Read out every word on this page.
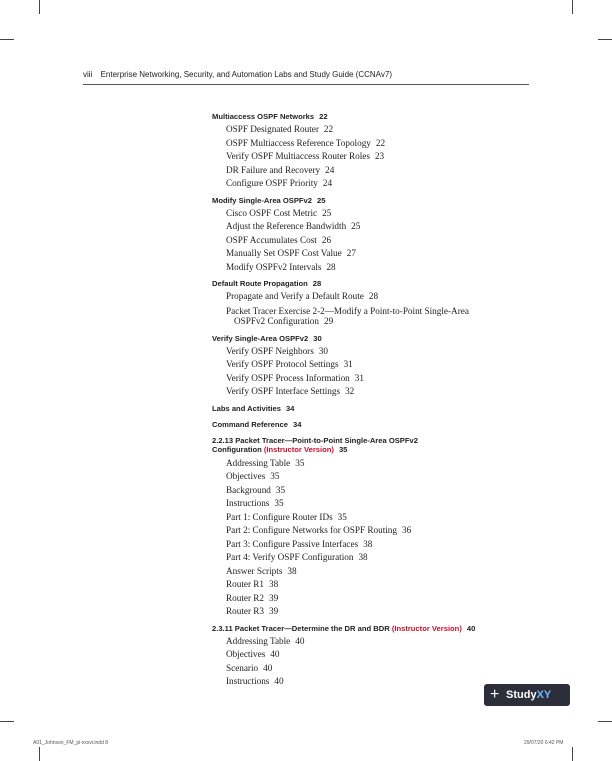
viii Enterprise Networking, Security, and Automation Labs and Study Guide (CCNAv7)
Multiaccess OSPF Networks 22
OSPF Designated Router 22
OSPF Multiaccess Reference Topology 22
Verify OSPF Multiaccess Router Roles 23
DR Failure and Recovery 24
Configure OSPF Priority 24
Modify Single-Area OSPFv2 25
Cisco OSPF Cost Metric 25
Adjust the Reference Bandwidth 25
OSPF Accumulates Cost 26
Manually Set OSPF Cost Value 27
Modify OSPFv2 Intervals 28
Default Route Propagation 28
Propagate and Verify a Default Route 28
Packet Tracer Exercise 2-2—Modify a Point-to-Point Single-Area
OSPFv2 Configuration 29
Verify Single-Area OSPFv2 30
Verify OSPF Neighbors 30
Verify OSPF Protocol Settings 31
Verify OSPF Process Information 31
Verify OSPF Interface Settings 32
Labs and Activities 34
Command Reference 34
2.2.13 Packet Tracer—Point-to-Point Single-Area OSPFv2
Configuration (Instructor Version) 35
Addressing Table 35
Objectives 35
Background 35
Instructions 35
Part 1: Configure Router IDs 35
Part 2: Configure Networks for OSPF Routing 36
Part 3: Configure Passive Interfaces 38
Part 4: Verify OSPF Configuration 38
Answer Scripts 38
Router R1 38
Router R2 39
Router R3 39
2.3.11 Packet Tracer—Determine the DR and BDR (Instructor Version) 40
Addressing Table 40
Objectives 40
Scenario 40
Instructions 40
+ StudyXY
A01_Johnson_FM_pi-xxxvi.indd 8	29/07/20 6:42 PM
